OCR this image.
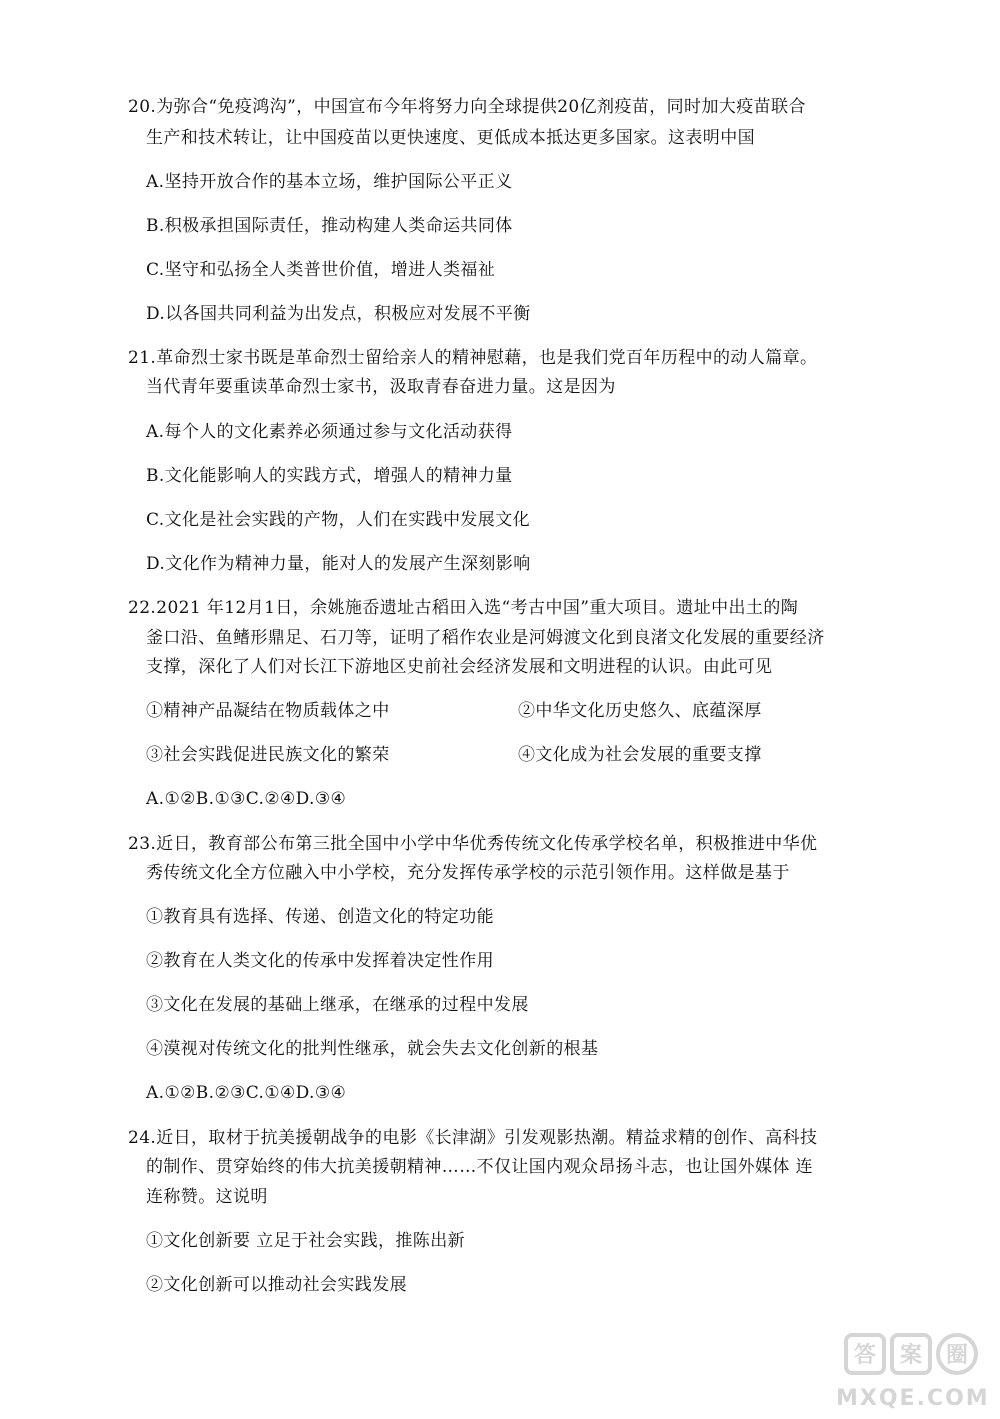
20.为弥合“免疫鸿沟”，中国宣布今年将努力向全球提供20亿剂疫苗，同时加大疫苗联合
生产和技术转让，让中国疫苗以更快速度、更低成本抵达更多国家。这表明中国
A.坚持开放合作的基本立场，维护国际公平正义
B.积极承担国际责任，推动构建人类命运共同体
C.坚守和弘扬全人类普世价值，增进人类福祉
D.以各国共同利益为出发点，积极应对发展不平衡
21.革命烈士家书既是革命烈士留给亲人的精神慰藉，也是我们党百年历程中的动人篇章。
当代青年要重读革命烈士家书，汲取青春奋进力量。这是因为
A.每个人的文化素养必须通过参与文化活动获得
B.文化能影响人的实践方式，增强人的精神力量
C.文化是社会实践的产物，人们在实践中发展文化
D.文化作为精神力量，能对人的发展产生深刻影响
22.2021 年12月1日，余姚施岙遗址古稻田入选“考古中国”重大项目。遗址中出土的陶
釜口沿、鱼鳍形鼎足、石刀等，证明了稻作农业是河姆渡文化到良渚文化发展的重要经济
支撑，深化了人们对长江下游地区史前社会经济发展和文明进程的认识。由此可见
①精神产品凝结在物质载体之中	②中华文化历史悠久、底蕴深厚
③社会实践促进民族文化的繁荣	④文化成为社会发展的重要支撑
A.①②B.①③C.②④D.③④
23.近日，教育部公布第三批全国中小学中华优秀传统文化传承学校名单，积极推进中华优
秀传统文化全方位融入中小学校，充分发挥传承学校的示范引领作用。这样做是基于
①教育具有选择、传递、创造文化的特定功能
②教育在人类文化的传承中发挥着决定性作用
③文化在发展的基础上继承，在继承的过程中发展
④漠视对传统文化的批判性继承，就会失去文化创新的根基
A.①②B.②③C.①④D.③④
24.近日，取材于抗美援朝战争的电影《长津湖》引发观影热潮。精益求精的创作、高科技
的制作、贯穿始终的伟大抗美援朝精神……不仅让国内观众昂扬斗志，也让国外媒体 连
连称赞。这说明
①文化创新要 立足于社会实践，推陈出新
②文化创新可以推动社会实践发展
答 案 圈
MXQE.COM
